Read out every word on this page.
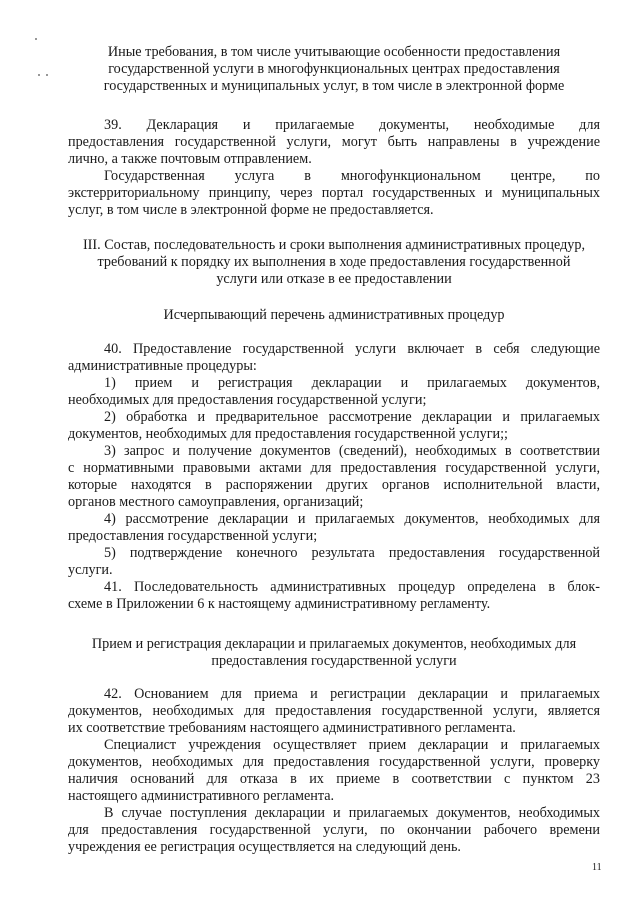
Иные требования, в том числе учитывающие особенности предоставления
государственной услуги в многофункциональных центрах предоставления
государственных и муниципальных услуг, в том числе в электронной форме
39. Декларация и прилагаемые документы, необходимые для
предоставления государственной услуги, могут быть направлены в учреждение
лично, а также почтовым отправлением.
Государственная услуга в многофункциональном центре, по
экстерриториальному принципу, через портал государственных и муниципальных
услуг, в том числе в электронной форме не предоставляется.
III. Состав, последовательность и сроки выполнения административных процедур,
требований к порядку их выполнения в ходе предоставления государственной
услуги или отказе в ее предоставлении
Исчерпывающий перечень административных процедур
40. Предоставление государственной услуги включает в себя следующие
административные процедуры:
1) прием и регистрация декларации и прилагаемых документов,
необходимых для предоставления государственной услуги;
2) обработка и предварительное рассмотрение декларации и прилагаемых
документов, необходимых для предоставления государственной услуги;;
3) запрос и получение документов (сведений), необходимых в соответствии
с нормативными правовыми актами для предоставления государственной услуги,
которые находятся в распоряжении других органов исполнительной власти,
органов местного самоуправления, организаций;
4) рассмотрение декларации и прилагаемых документов, необходимых для
предоставления государственной услуги;
5) подтверждение конечного результата предоставления государственной
услуги.
41. Последовательность административных процедур определена в блок-
схеме в Приложении 6 к настоящему административному регламенту.
Прием и регистрация декларации и прилагаемых документов, необходимых для
предоставления государственной услуги
42. Основанием для приема и регистрации декларации и прилагаемых
документов, необходимых для предоставления государственной услуги, является
их соответствие требованиям настоящего административного регламента.
Специалист учреждения осуществляет прием декларации и прилагаемых
документов, необходимых для предоставления государственной услуги, проверку
наличия оснований для отказа в их приеме в соответствии с пунктом 23
настоящего административного регламента.
В случае поступления декларации и прилагаемых документов, необходимых
для предоставления государственной услуги, по окончании рабочего времени
учреждения ее регистрация осуществляется на следующий день.
11
